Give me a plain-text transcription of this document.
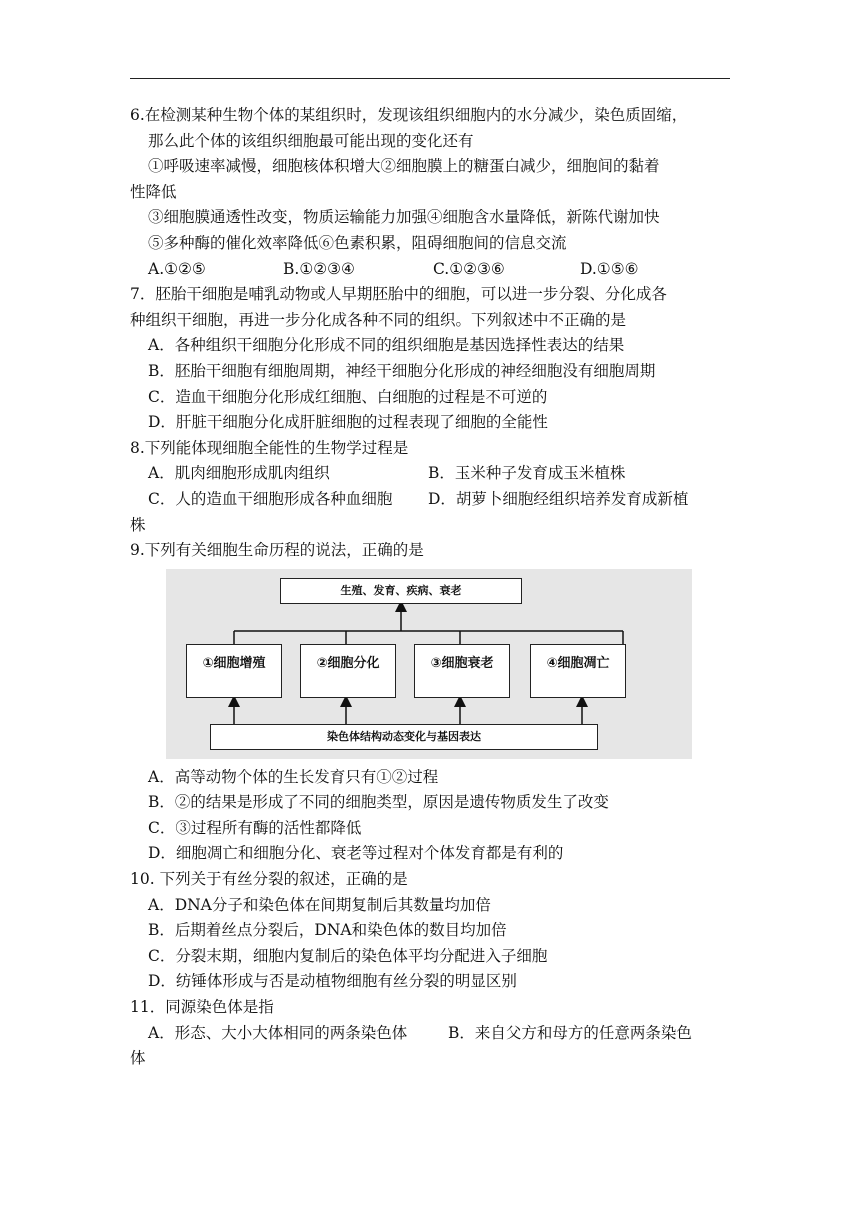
6.在检测某种生物个体的某组织时，发现该组织细胞内的水分减少，染色质固缩，
那么此个体的该组织细胞最可能出现的变化还有
①呼吸速率减慢，细胞核体积增大②细胞膜上的糖蛋白减少，细胞间的黏着
性降低
③细胞膜通透性改变，物质运输能力加强④细胞含水量降低，新陈代谢加快
⑤多种酶的催化效率降低⑥色素积累，阻碍细胞间的信息交流
A.①②⑤	B.①②③④	C.①②③⑥	D.①⑤⑥
7．胚胎干细胞是哺乳动物或人早期胚胎中的细胞，可以进一步分裂、分化成各
种组织干细胞，再进一步分化成各种不同的组织。下列叙述中不正确的是
A．各种组织干细胞分化形成不同的组织细胞是基因选择性表达的结果
B．胚胎干细胞有细胞周期，神经干细胞分化形成的神经细胞没有细胞周期
C．造血干细胞分化形成红细胞、白细胞的过程是不可逆的
D．肝脏干细胞分化成肝脏细胞的过程表现了细胞的全能性
8.下列能体现细胞全能性的生物学过程是
A．肌肉细胞形成肌肉组织	B．玉米种子发育成玉米植株
C．人的造血干细胞形成各种血细胞	D．胡萝卜细胞经组织培养发育成新植
株
9.下列有关细胞生命历程的说法，正确的是
生殖、发育、疾病、衰老
①细胞增殖	②细胞分化	③细胞衰老	④细胞凋亡
染色体结构动态变化与基因表达
A．高等动物个体的生长发育只有①②过程
B．②的结果是形成了不同的细胞类型，原因是遗传物质发生了改变
C．③过程所有酶的活性都降低
D．细胞凋亡和细胞分化、衰老等过程对个体发育都是有利的
10. 下列关于有丝分裂的叙述，正确的是
A．DNA分子和染色体在间期复制后其数量均加倍
B．后期着丝点分裂后，DNA和染色体的数目均加倍
C．分裂末期，细胞内复制后的染色体平均分配进入子细胞
D．纺锤体形成与否是动植物细胞有丝分裂的明显区别
11．同源染色体是指
A．形态、大小大体相同的两条染色体	B．来自父方和母方的任意两条染色
体
